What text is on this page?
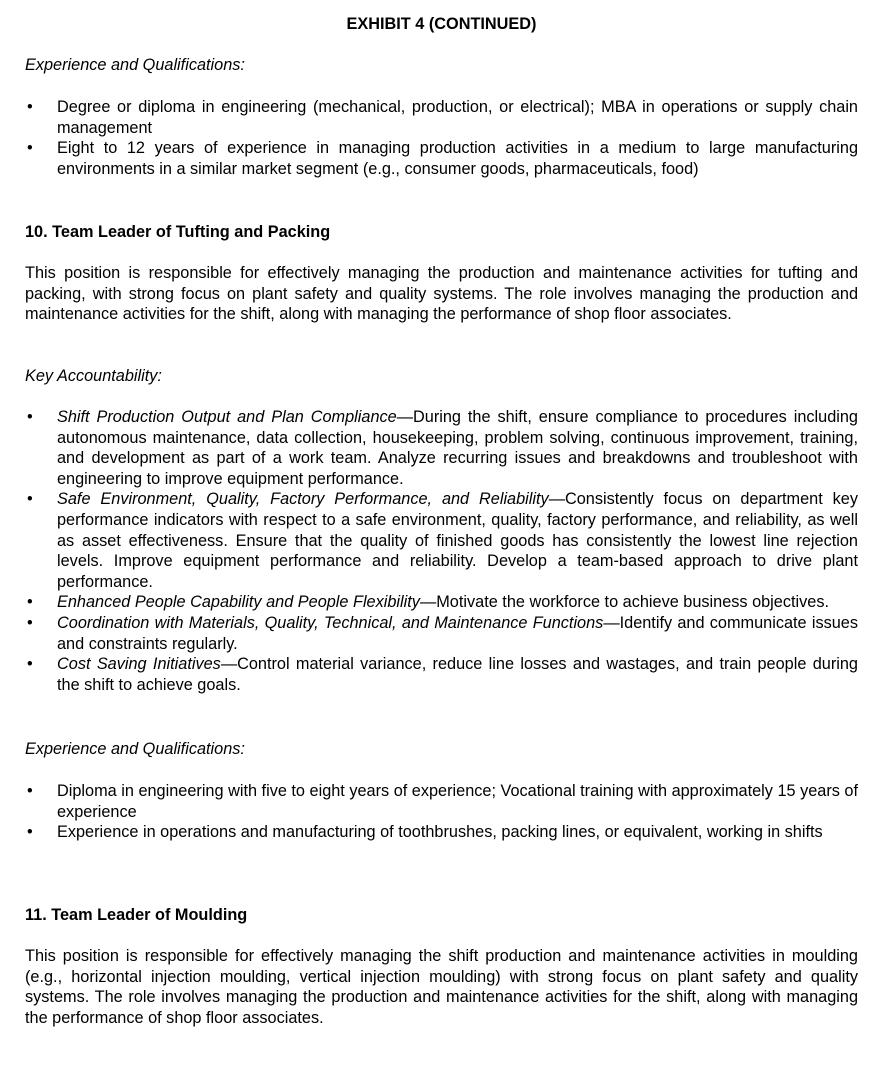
EXHIBIT 4 (CONTINUED)
Experience and Qualifications:
• Degree or diploma in engineering (mechanical, production, or electrical); MBA in operations or supply chain management
• Eight to 12 years of experience in managing production activities in a medium to large manufacturing environments in a similar market segment (e.g., consumer goods, pharmaceuticals, food)
10. Team Leader of Tufting and Packing
This position is responsible for effectively managing the production and maintenance activities for tufting and packing, with strong focus on plant safety and quality systems. The role involves managing the production and maintenance activities for the shift, along with managing the performance of shop floor associates.
Key Accountability:
• Shift Production Output and Plan Compliance—During the shift, ensure compliance to procedures including autonomous maintenance, data collection, housekeeping, problem solving, continuous improvement, training, and development as part of a work team. Analyze recurring issues and breakdowns and troubleshoot with engineering to improve equipment performance.
• Safe Environment, Quality, Factory Performance, and Reliability—Consistently focus on department key performance indicators with respect to a safe environment, quality, factory performance, and reliability, as well as asset effectiveness. Ensure that the quality of finished goods has consistently the lowest line rejection levels. Improve equipment performance and reliability. Develop a team-based approach to drive plant performance.
• Enhanced People Capability and People Flexibility—Motivate the workforce to achieve business objectives.
• Coordination with Materials, Quality, Technical, and Maintenance Functions—Identify and communicate issues and constraints regularly.
• Cost Saving Initiatives—Control material variance, reduce line losses and wastages, and train people during the shift to achieve goals.
Experience and Qualifications:
• Diploma in engineering with five to eight years of experience; Vocational training with approximately 15 years of experience
• Experience in operations and manufacturing of toothbrushes, packing lines, or equivalent, working in shifts
11. Team Leader of Moulding
This position is responsible for effectively managing the shift production and maintenance activities in moulding (e.g., horizontal injection moulding, vertical injection moulding) with strong focus on plant safety and quality systems. The role involves managing the production and maintenance activities for the shift, along with managing the performance of shop floor associates.
